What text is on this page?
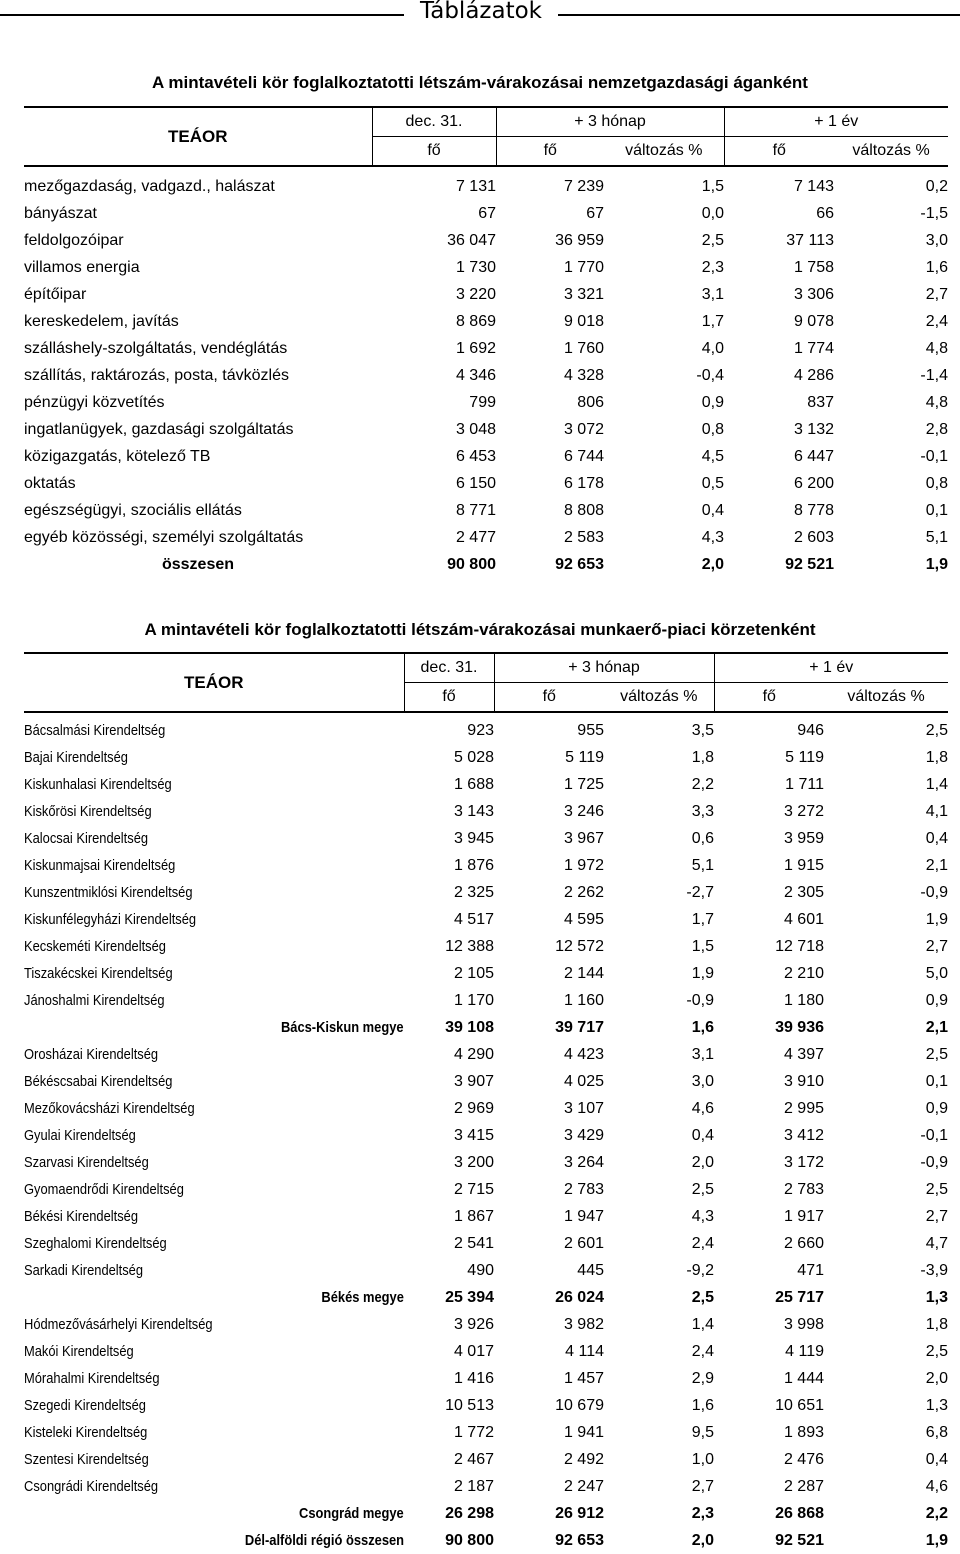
Táblázatok
A mintavételi kör foglalkoztatotti létszám-várakozásai nemzetgazdasági áganként
TEÁOR	dec. 31.	+ 3 hónap		+ 1 év	
	fő	fő	változás %	fő	változás %
mezőgazdaság, vadgazd., halászat	7 131	7 239	1,5	7 143	0,2
bányászat	67	67	0,0	66	-1,5
feldolgozóipar	36 047	36 959	2,5	37 113	3,0
villamos energia	1 730	1 770	2,3	1 758	1,6
építőipar	3 220	3 321	3,1	3 306	2,7
kereskedelem, javítás	8 869	9 018	1,7	9 078	2,4
szálláshely-szolgáltatás, vendéglátás	1 692	1 760	4,0	1 774	4,8
szállítás, raktározás, posta, távközlés	4 346	4 328	-0,4	4 286	-1,4
pénzügyi közvetítés	799	806	0,9	837	4,8
ingatlanügyek, gazdasági szolgáltatás	3 048	3 072	0,8	3 132	2,8
közigazgatás, kötelező TB	6 453	6 744	4,5	6 447	-0,1
oktatás	6 150	6 178	0,5	6 200	0,8
egészségügyi, szociális ellátás	8 771	8 808	0,4	8 778	0,1
egyéb közösségi, személyi szolgáltatás	2 477	2 583	4,3	2 603	5,1
összesen	90 800	92 653	2,0	92 521	1,9
A mintavételi kör foglalkoztatotti létszám-várakozásai munkaerő-piaci körzetenként
TEÁOR	dec. 31.	+ 3 hónap		+ 1 év	
	fő	fő	változás %	fő	változás %
Bácsalmási Kirendeltség	923	955	3,5	946	2,5
Bajai Kirendeltség	5 028	5 119	1,8	5 119	1,8
Kiskunhalasi Kirendeltség	1 688	1 725	2,2	1 711	1,4
Kiskőrösi Kirendeltség	3 143	3 246	3,3	3 272	4,1
Kalocsai Kirendeltség	3 945	3 967	0,6	3 959	0,4
Kiskunmajsai Kirendeltség	1 876	1 972	5,1	1 915	2,1
Kunszentmiklósi Kirendeltség	2 325	2 262	-2,7	2 305	-0,9
Kiskunfélegyházi Kirendeltség	4 517	4 595	1,7	4 601	1,9
Kecskeméti Kirendeltség	12 388	12 572	1,5	12 718	2,7
Tiszakécskei Kirendeltség	2 105	2 144	1,9	2 210	5,0
Jánoshalmi Kirendeltség	1 170	1 160	-0,9	1 180	0,9
Bács-Kiskun megye	39 108	39 717	1,6	39 936	2,1
Orosházai Kirendeltség	4 290	4 423	3,1	4 397	2,5
Békéscsabai Kirendeltség	3 907	4 025	3,0	3 910	0,1
Mezőkovácsházi Kirendeltség	2 969	3 107	4,6	2 995	0,9
Gyulai Kirendeltség	3 415	3 429	0,4	3 412	-0,1
Szarvasi Kirendeltség	3 200	3 264	2,0	3 172	-0,9
Gyomaendrődi Kirendeltség	2 715	2 783	2,5	2 783	2,5
Békési Kirendeltség	1 867	1 947	4,3	1 917	2,7
Szeghalomi Kirendeltség	2 541	2 601	2,4	2 660	4,7
Sarkadi Kirendeltség	490	445	-9,2	471	-3,9
Békés megye	25 394	26 024	2,5	25 717	1,3
Hódmezővásárhelyi Kirendeltség	3 926	3 982	1,4	3 998	1,8
Makói Kirendeltség	4 017	4 114	2,4	4 119	2,5
Mórahalmi Kirendeltség	1 416	1 457	2,9	1 444	2,0
Szegedi Kirendeltség	10 513	10 679	1,6	10 651	1,3
Kisteleki Kirendeltség	1 772	1 941	9,5	1 893	6,8
Szentesi Kirendeltség	2 467	2 492	1,0	2 476	0,4
Csongrádi Kirendeltség	2 187	2 247	2,7	2 287	4,6
Csongrád megye	26 298	26 912	2,3	26 868	2,2
Dél-alföldi régió összesen	90 800	92 653	2,0	92 521	1,9
